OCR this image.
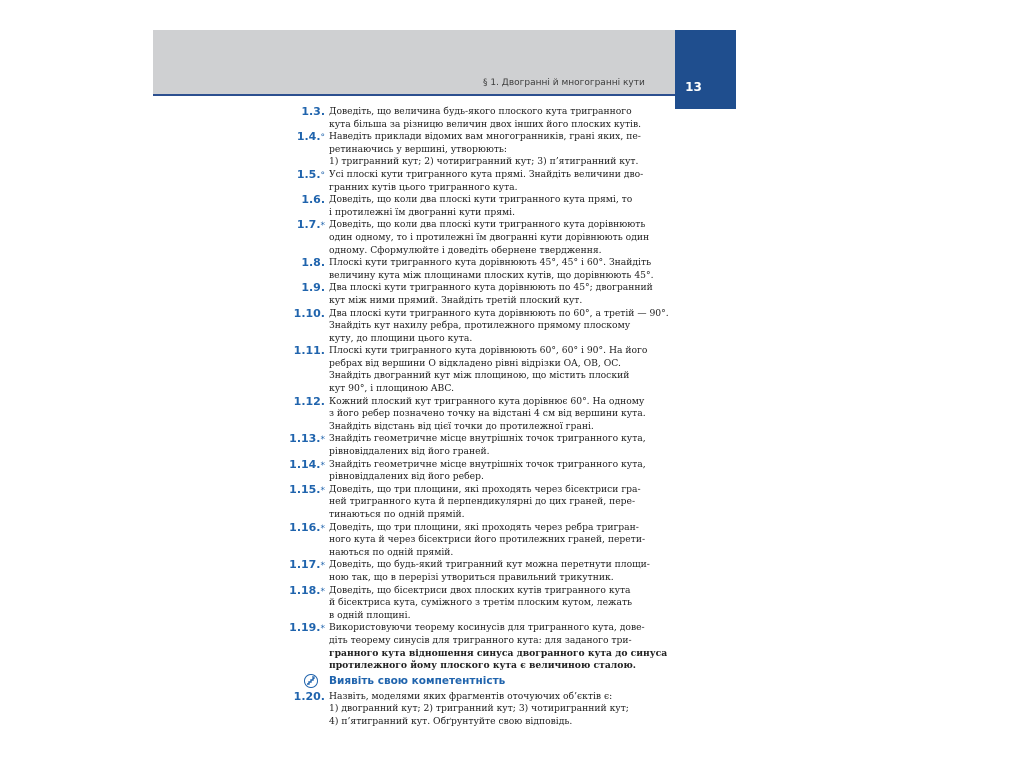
§ 1. Двогранні й многогранні кути	13
1.3. Доведіть, що величина будь-якого плоского кута тригранного
кута більша за різницю величин двох інших його плоских кутів.
1.4.° Наведіть приклади відомих вам многогранників, грані яких, пе-
ретинаючись у вершині, утворюють:
1) тригранний кут; 2) чотиригранний кут; 3) п’ятигранний кут.
1.5.° Усі плоскі кути тригранного кута прямі. Знайдіть величини дво-
гранних кутів цього тригранного кута.
1.6. Доведіть, що коли два плоскі кути тригранного кута прямі, то
і протилежні їм двогранні кути прямі.
1.7.* Доведіть, що коли два плоскі кути тригранного кута дорівнюють
один одному, то і протилежні їм двогранні кути дорівнюють один
одному. Сформулюйте і доведіть обернене твердження.
1.8. Плоскі кути тригранного кута дорівнюють 45°, 45° і 60°. Знайдіть
величину кута між площинами плоских кутів, що дорівнюють 45°.
1.9. Два плоскі кути тригранного кута дорівнюють по 45°; двогранний
кут між ними прямий. Знайдіть третій плоский кут.
1.10. Два плоскі кути тригранного кута дорівнюють по 60°, а третій — 90°.
Знайдіть кут нахилу ребра, протилежного прямому плоскому
куту, до площини цього кута.
1.11. Плоскі кути тригранного кута дорівнюють 60°, 60° і 90°. На його
ребрах від вершини O відкладено рівні відрізки OA, OB, OC.
Знайдіть двогранний кут між площиною, що містить плоский
кут 90°, і площиною ABC.
1.12. Кожний плоский кут тригранного кута дорівнює 60°. На одному
з його ребер позначено точку на відстані 4 см від вершини кута.
Знайдіть відстань від цієї точки до протилежної грані.
1.13.* Знайдіть геометричне місце внутрішніх точок тригранного кута,
рівновіддалених від його граней.
1.14.* Знайдіть геометричне місце внутрішніх точок тригранного кута,
рівновіддалених від його ребер.
1.15.* Доведіть, що три площини, які проходять через бісектриси гра-
ней тригранного кута й перпендикулярні до цих граней, пере-
тинаються по одній прямій.
1.16.* Доведіть, що три площини, які проходять через ребра тригран-
ного кута й через бісектриси його протилежних граней, перети-
наються по одній прямій.
1.17.* Доведіть, що будь-який тригранний кут можна перетнути площи-
ною так, що в перерізі утвориться правильний трикутник.
1.18.* Доведіть, що бісектриси двох плоских кутів тригранного кута
й бісектриса кута, суміжного з третім плоским кутом, лежать
в одній площині.
1.19.* Використовуючи теорему косинусів для тригранного кута, дове-
діть теорему синусів для тригранного кута: для заданого три-
гранного кута відношення синуса двогранного кута до синуса
протилежного йому плоского кута є величиною сталою.
Виявіть свою компетентність
1.20. Назвіть, моделями яких фрагментів оточуючих об’єктів є:
1) двогранний кут; 2) тригранний кут; 3) чотиригранний кут;
4) п’ятигранний кут. Обґрунтуйте свою відповідь.
